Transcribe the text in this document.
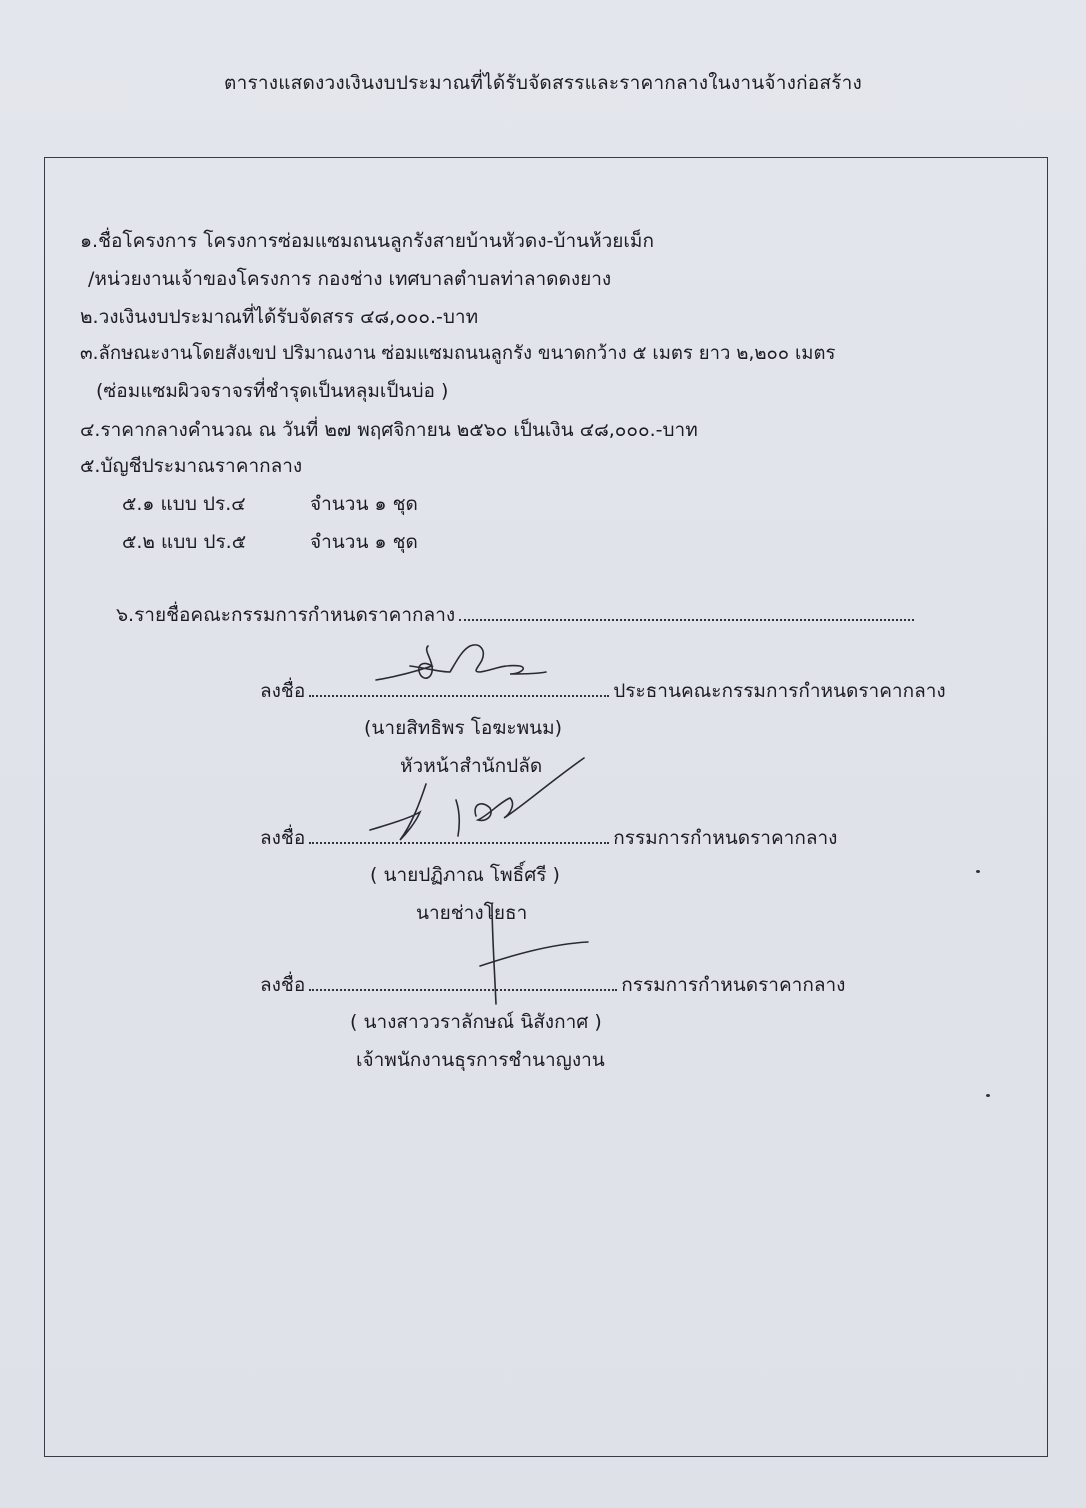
ตารางแสดงวงเงินงบประมาณที่ได้รับจัดสรรและราคากลางในงานจ้างก่อสร้าง
๑.ชื่อโครงการ โครงการซ่อมแซมถนนลูกรังสายบ้านหัวดง-บ้านห้วยเม็ก
/หน่วยงานเจ้าของโครงการ กองช่าง เทศบาลตำบลท่าลาดดงยาง
๒.วงเงินงบประมาณที่ได้รับจัดสรร ๔๘,๐๐๐.-บาท
๓.ลักษณะงานโดยสังเขป ปริมาณงาน ซ่อมแซมถนนลูกรัง ขนาดกว้าง ๕ เมตร ยาว ๒,๒๐๐ เมตร
(ซ่อมแซมผิวจราจรที่ชำรุดเป็นหลุมเป็นบ่อ )
๔.ราคากลางคำนวณ ณ วันที่ ๒๗ พฤศจิกายน ๒๕๖๐ เป็นเงิน ๔๘,๐๐๐.-บาท
๕.บัญชีประมาณราคากลาง
๕.๑ แบบ ปร.๔	จำนวน ๑ ชุด
๕.๒ แบบ ปร.๕	จำนวน ๑ ชุด
๖.รายชื่อคณะกรรมการกำหนดราคากลาง
ลงชื่อ	ประธานคณะกรรมการกำหนดราคากลาง
(นายสิทธิพร โอฆะพนม)
หัวหน้าสำนักปลัด
ลงชื่อ	กรรมการกำหนดราคากลาง
( นายปฏิภาณ โพธิ์ศรี )
นายช่างโยธา
ลงชื่อ	กรรมการกำหนดราคากลาง
( นางสาววราลักษณ์ นิสังกาศ )
เจ้าพนักงานธุรการชำนาญงาน
